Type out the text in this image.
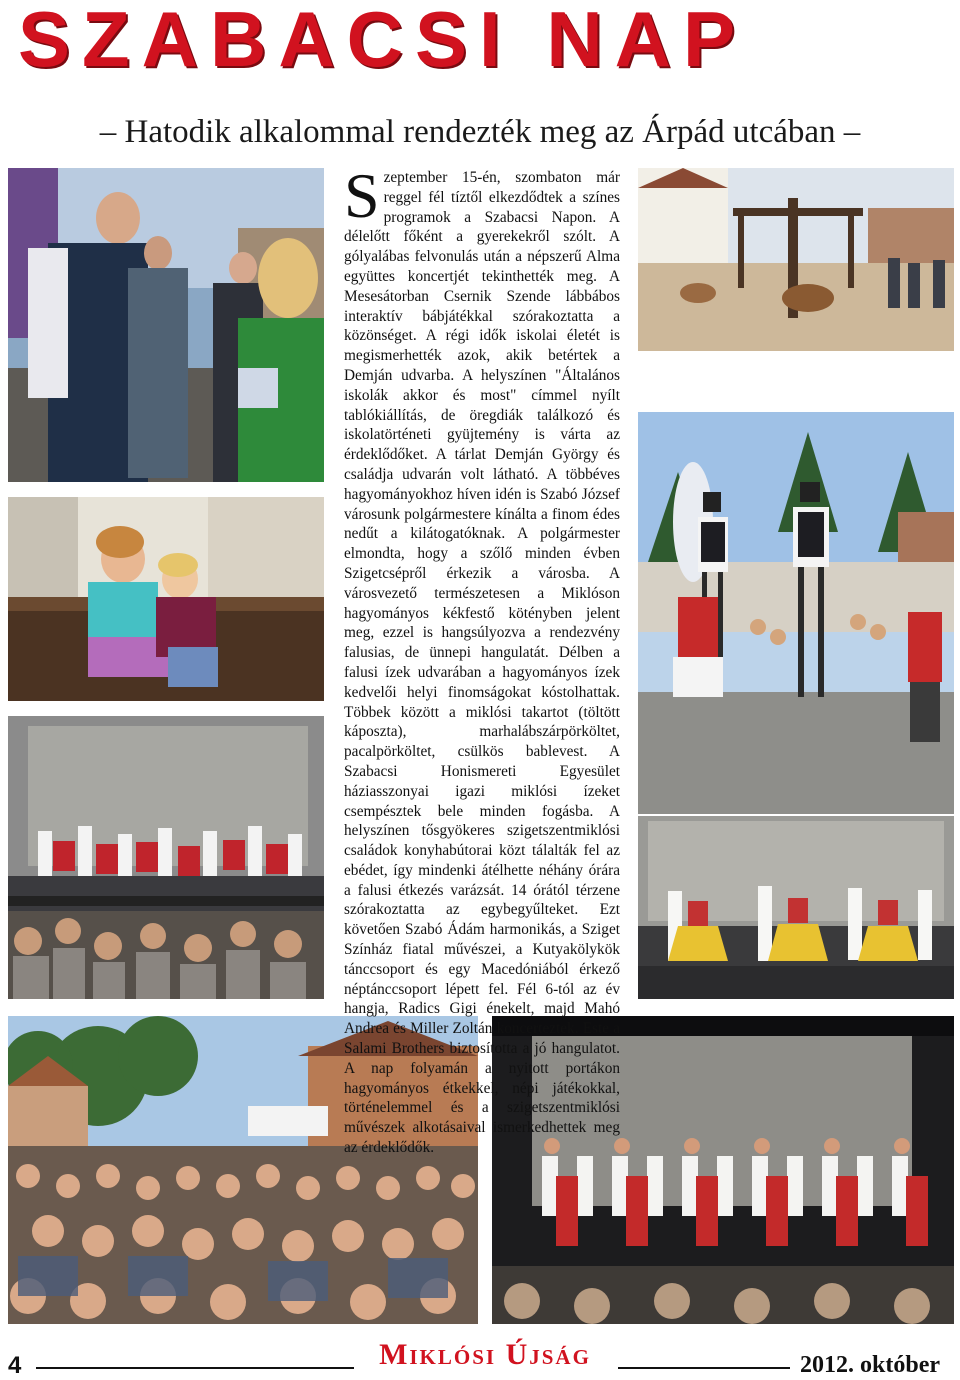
SZABACSI NAP
– Hatodik alkalommal rendezték meg az Árpád utcában –
Szeptember 15-én, szombaton már reggel fél tíztől elkezdődtek a színes programok a Szabacsi Napon. A délelőtt főként a gyerekekről szólt. A gólyalábas felvonulás után a népszerű Alma együttes koncertjét tekinthették meg. A Mesesátorban Csernik Szende lábbábos interaktív bábjátékkal szórakoztatta a közönséget. A régi idők iskolai életét is megismerhették azok, akik betértek a Demján udvarba. A helyszínen "Általános iskolák akkor és most" címmel nyílt tablókiállítás, de öregdiák találkozó és iskolatörténeti gyüjtemény is várta az érdeklődőket. A tárlat Demján György és családja udvarán volt látható. A többéves hagyományokhoz híven idén is Szabó József városunk polgármestere kínálta a finom édes nedűt a kilátogatóknak. A polgármester elmondta, hogy a szőlő minden évben Szigetcsépről érkezik a városba. A városvezető természetesen a Miklóson hagyományos kékfestő kötényben jelent meg, ezzel is hangsúlyozva a rendezvény falusias, de ünnepi hangulatát. Délben a falusi ízek udvarában a hagyományos ízek kedvelői helyi finomságokat kóstolhattak. Többek között a miklósi takartot (töltött káposzta), marhalábszárpörköltet, pacalpörköltet, csülkös bablevest. A Szabacsi Honismereti Egyesület háziasszonyai igazi miklósi ízeket csempésztek bele minden fogásba. A helyszínen tősgyökeres szigetszentmiklósi családok konyhabútorai közt tálalták fel az ebédet, így mindenki átélhette néhány órára a falusi étkezés varázsát. 14 órától térzene szórakoztatta az egybegyűlteket. Ezt követően Szabó Ádám harmonikás, a Sziget Színház fiatal művészei, a Kutyakölykök tánccsoport és egy Macedóniából érkező néptánccsoport lépett fel. Fél 6-tól az év hangja, Radics Gigi énekelt, majd Mahó Andrea és Miller Zoltán koncerteztek. Este a Salami Brothers biztosította a jó hangulatot. A nap folyamán a nyitott portákon hagyományos étkekkel, népi játékokkal, történelemmel és a szigetszentmiklósi művészek alkotásaival ismerkedhettek meg az érdeklődők.
4	Miklósi Újság	2012. október
